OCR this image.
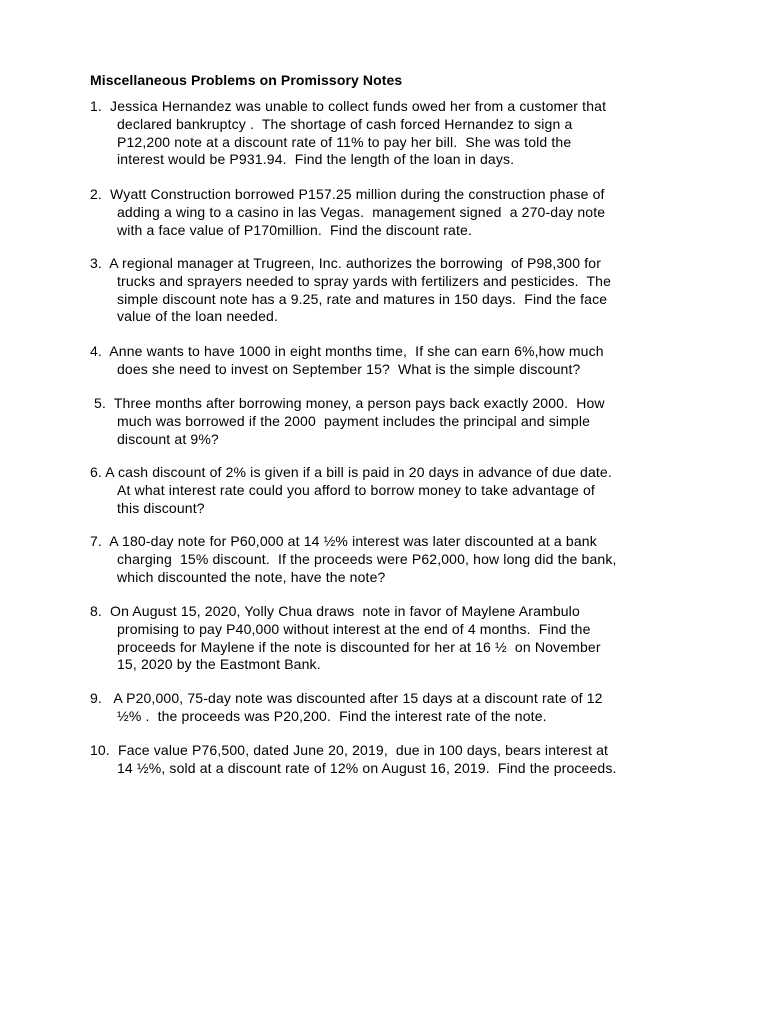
Miscellaneous Problems on Promissory Notes
1.  Jessica Hernandez was unable to collect funds owed her from a customer that
declared bankruptcy .  The shortage of cash forced Hernandez to sign a
P12,200 note at a discount rate of 11% to pay her bill.  She was told the
interest would be P931.94.  Find the length of the loan in days.
2.  Wyatt Construction borrowed P157.25 million during the construction phase of
adding a wing to a casino in las Vegas.  management signed  a 270-day note
with a face value of P170million.  Find the discount rate.
3.  A regional manager at Trugreen, Inc. authorizes the borrowing  of P98,300 for
trucks and sprayers needed to spray yards with fertilizers and pesticides.  The
simple discount note has a 9.25, rate and matures in 150 days.  Find the face
value of the loan needed.
4.  Anne wants to have 1000 in eight months time,  If she can earn 6%,how much
does she need to invest on September 15?  What is the simple discount?
5.  Three months after borrowing money, a person pays back exactly 2000.  How
much was borrowed if the 2000  payment includes the principal and simple
discount at 9%?
6. A cash discount of 2% is given if a bill is paid in 20 days in advance of due date.
At what interest rate could you afford to borrow money to take advantage of
this discount?
7.  A 180-day note for P60,000 at 14 ½% interest was later discounted at a bank
charging  15% discount.  If the proceeds were P62,000, how long did the bank,
which discounted the note, have the note?
8.  On August 15, 2020, Yolly Chua draws  note in favor of Maylene Arambulo
promising to pay P40,000 without interest at the end of 4 months.  Find the
proceeds for Maylene if the note is discounted for her at 16 ½  on November
15, 2020 by the Eastmont Bank.
9.   A P20,000, 75-day note was discounted after 15 days at a discount rate of 12
½% .  the proceeds was P20,200.  Find the interest rate of the note.
10.  Face value P76,500, dated June 20, 2019,  due in 100 days, bears interest at
14 ½%, sold at a discount rate of 12% on August 16, 2019.  Find the proceeds.
